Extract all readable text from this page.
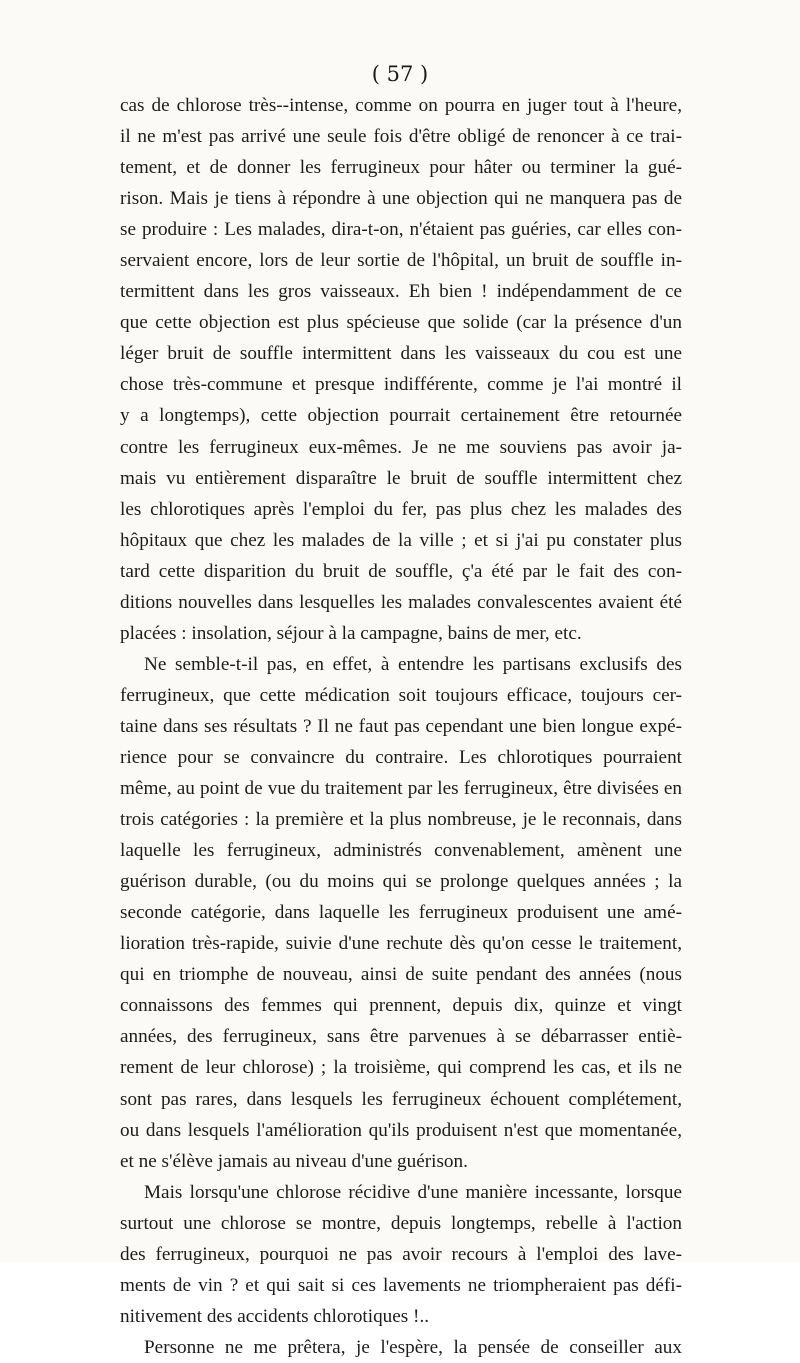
( 57 )
cas de chlorose très--intense, comme on pourra en juger tout à l'heure,
il ne m'est pas arrivé une seule fois d'être obligé de renoncer à ce trai-
tement, et de donner les ferrugineux pour hâter ou terminer la gué-
rison. Mais je tiens à répondre à une objection qui ne manquera pas de
se produire : Les malades, dira-t-on, n'étaient pas guéries, car elles con-
servaient encore, lors de leur sortie de l'hôpital, un bruit de souffle in-
termittent dans les gros vaisseaux. Eh bien ! indépendamment de ce
que cette objection est plus spécieuse que solide (car la présence d'un
léger bruit de souffle intermittent dans les vaisseaux du cou est une
chose très-commune et presque indifférente, comme je l'ai montré il
y a longtemps), cette objection pourrait certainement être retournée
contre les ferrugineux eux-mêmes. Je ne me souviens pas avoir ja-
mais vu entièrement disparaître le bruit de souffle intermittent chez
les chlorotiques après l'emploi du fer, pas plus chez les malades des
hôpitaux que chez les malades de la ville ; et si j'ai pu constater plus
tard cette disparition du bruit de souffle, ç'a été par le fait des con-
ditions nouvelles dans lesquelles les malades convalescentes avaient été
placées : insolation, séjour à la campagne, bains de mer, etc.
Ne semble-t-il pas, en effet, à entendre les partisans exclusifs des
ferrugineux, que cette médication soit toujours efficace, toujours cer-
taine dans ses résultats ? Il ne faut pas cependant une bien longue expé-
rience pour se convaincre du contraire. Les chlorotiques pourraient
même, au point de vue du traitement par les ferrugineux, être divisées en
trois catégories : la première et la plus nombreuse, je le reconnais, dans
laquelle les ferrugineux, administrés convenablement, amènent une
guérison durable, (ou du moins qui se prolonge quelques années ; la
seconde catégorie, dans laquelle les ferrugineux produisent une amé-
lioration très-rapide, suivie d'une rechute dès qu'on cesse le traitement,
qui en triomphe de nouveau, ainsi de suite pendant des années (nous
connaissons des femmes qui prennent, depuis dix, quinze et vingt
années, des ferrugineux, sans être parvenues à se débarrasser entiè-
rement de leur chlorose) ; la troisième, qui comprend les cas, et ils ne
sont pas rares, dans lesquels les ferrugineux échouent complétement,
ou dans lesquels l'amélioration qu'ils produisent n'est que momentanée,
et ne s'élève jamais au niveau d'une guérison.
Mais lorsqu'une chlorose récidive d'une manière incessante, lorsque
surtout une chlorose se montre, depuis longtemps, rebelle à l'action
des ferrugineux, pourquoi ne pas avoir recours à l'emploi des lave-
ments de vin ? et qui sait si ces lavements ne triompheraient pas défi-
nitivement des accidents chlorotiques !..
Personne ne me prêtera, je l'espère, la pensée de conseiller aux
